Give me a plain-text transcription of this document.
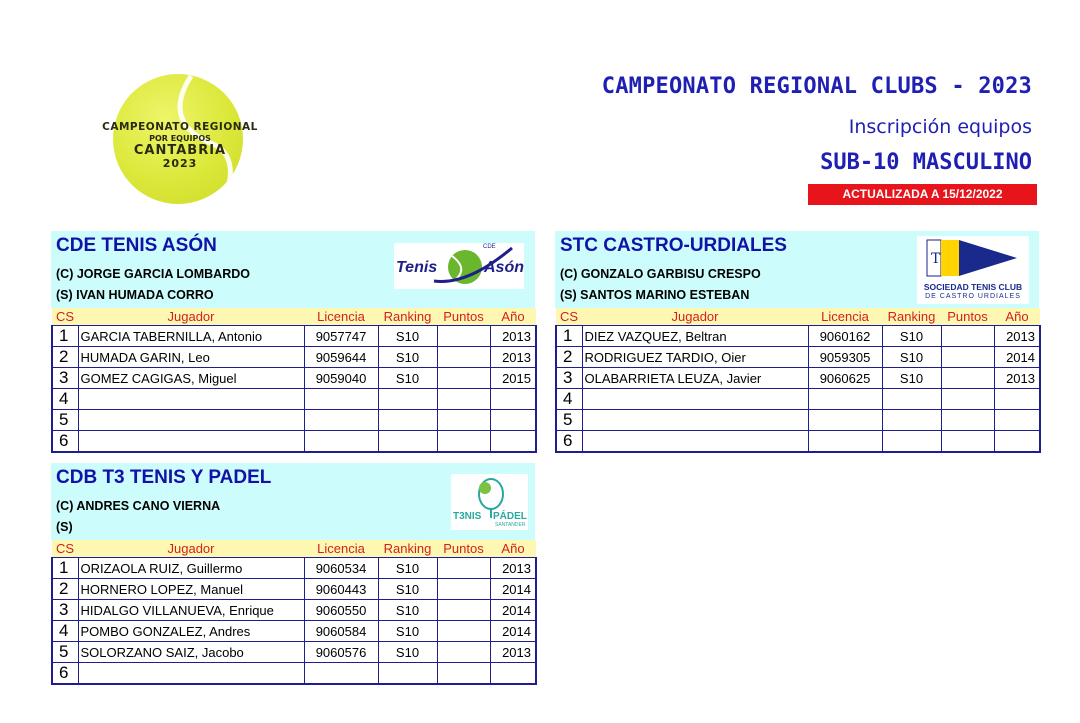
CAMPEONATO REGIONAL
POR EQUIPOS
CANTABRIA
2023
CAMPEONATO REGIONAL CLUBS - 2023
Inscripción equipos
SUB-10 MASCULINO
ACTUALIZADA A 15/12/2022
CDE TENIS ASÓN
(C) JORGE GARCIA LOMBARDO
(S) IVAN HUMADA CORRO
Tenis	Asón
CDE
CS	Jugador	Licencia	Ranking	Puntos	Año
1	GARCIA TABERNILLA, Antonio	9057747	S10		2013
2	HUMADA GARIN, Leo	9059644	S10		2013
3	GOMEZ CAGIGAS, Miguel	9059040	S10		2015
4					
5					
6					
STC CASTRO-URDIALES
(C) GONZALO GARBISU CRESPO
(S) SANTOS MARINO ESTEBAN
T
SOCIEDAD TENIS CLUB
DE CASTRO URDIALES
CS	Jugador	Licencia	Ranking	Puntos	Año
1	DIEZ VAZQUEZ, Beltran	9060162	S10		2013
2	RODRIGUEZ TARDIO, Oier	9059305	S10		2014
3	OLABARRIETA LEUZA, Javier	9060625	S10		2013
4					
5					
6					
CDB T3 TENIS Y PADEL
(C) ANDRES CANO VIERNA
(S)
T3NIS PÁDEL
SANTANDER
CS	Jugador	Licencia	Ranking	Puntos	Año
1	ORIZAOLA RUIZ, Guillermo	9060534	S10		2013
2	HORNERO LOPEZ, Manuel	9060443	S10		2014
3	HIDALGO VILLANUEVA, Enrique	9060550	S10		2014
4	POMBO GONZALEZ, Andres	9060584	S10		2014
5	SOLORZANO SAIZ, Jacobo	9060576	S10		2013
6					
